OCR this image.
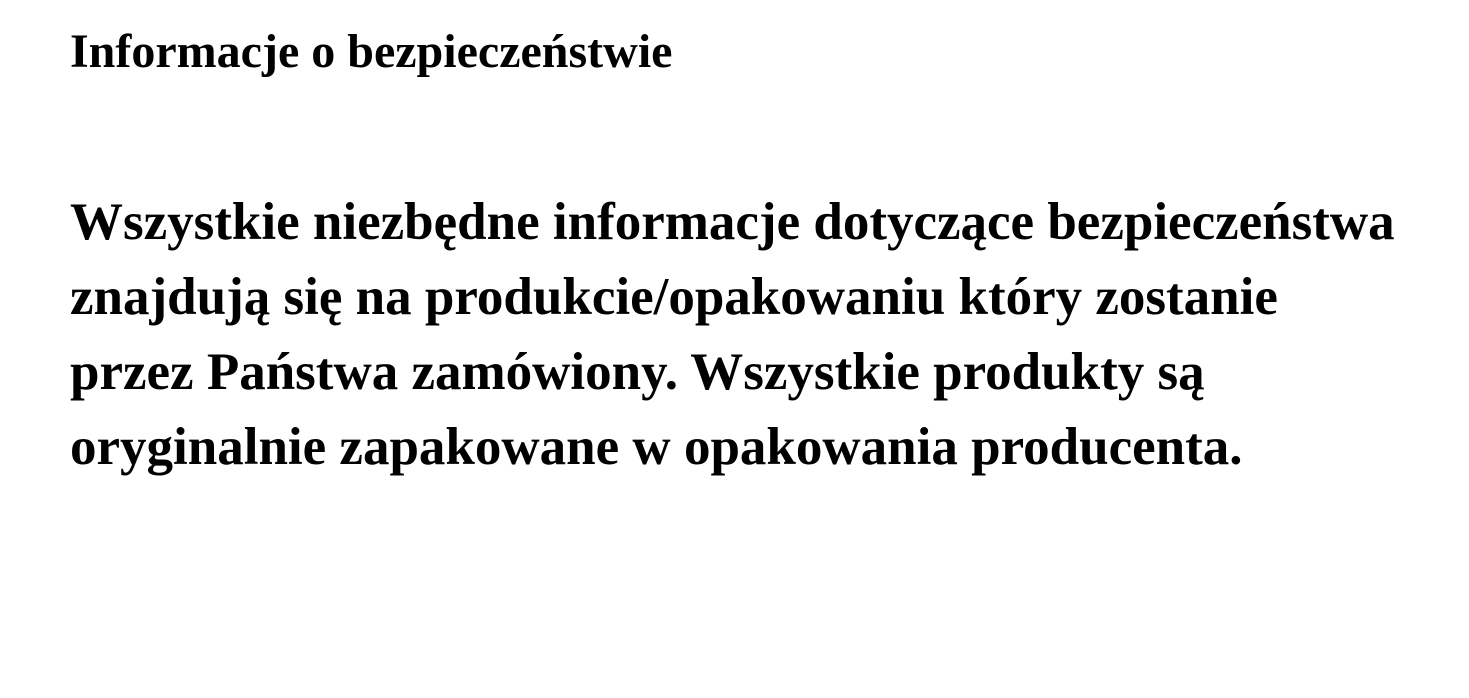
Informacje o bezpieczeństwie

Wszystkie niezbędne informacje dotyczące bezpieczeństwa znajdują się na produkcie/opakowaniu który zostanie przez Państwa zamówiony. Wszystkie produkty są oryginalnie zapakowane w opakowania producenta.
